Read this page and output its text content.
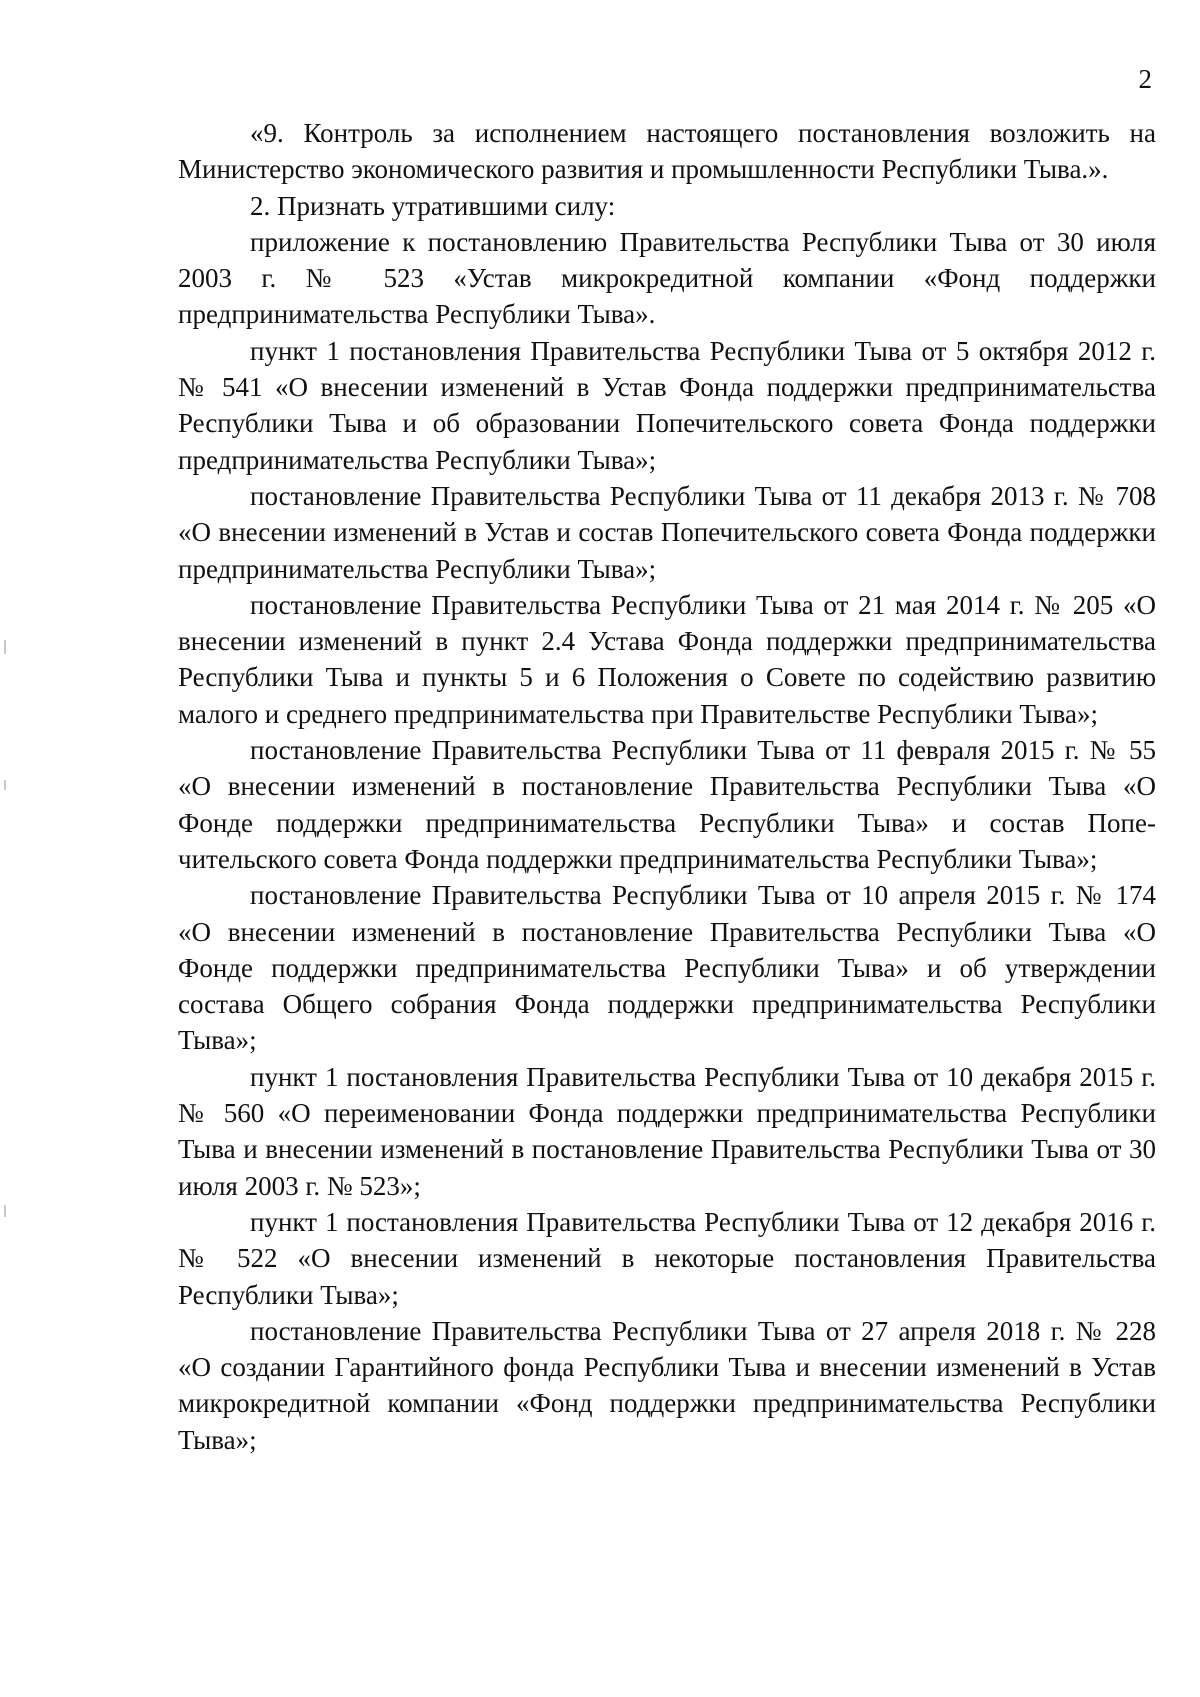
2

«9. Контроль за исполнением настоящего постановления возложить на Министерство экономического развития и промышленности Республики Тыва.».

2. Признать утратившими силу:

приложение к постановлению Правительства Республики Тыва от 30 июля 2003 г. № 523 «Устав микрокредитной компании «Фонд поддержки предпринимательства Республики Тыва».

пункт 1 постановления Правительства Республики Тыва от 5 октября 2012 г. № 541 «О внесении изменений в Устав Фонда поддержки предпринимательства Республики Тыва и об образовании Попечительского совета Фонда поддержки предпринимательства Республики Тыва»;

постановление Правительства Республики Тыва от 11 декабря 2013 г. № 708 «О внесении изменений в Устав и состав Попечительского совета Фонда поддержки предпринимательства Республики Тыва»;

постановление Правительства Республики Тыва от 21 мая 2014 г. № 205 «О внесении изменений в пункт 2.4 Устава Фонда поддержки предпринимательства Республики Тыва и пункты 5 и 6 Положения о Совете по содействию развитию малого и среднего предпринимательства при Правительстве Республики Тыва»;

постановление Правительства Республики Тыва от 11 февраля 2015 г. № 55 «О внесении изменений в постановление Правительства Республики Тыва «О Фонде поддержки предпринимательства Республики Тыва» и состав Попечительского совета Фонда поддержки предпринимательства Республики Тыва»;

постановление Правительства Республики Тыва от 10 апреля 2015 г. № 174 «О внесении изменений в постановление Правительства Республики Тыва «О Фонде поддержки предпринимательства Республики Тыва» и об утверждении состава Общего собрания Фонда поддержки предпринимательства Республики Тыва»;

пункт 1 постановления Правительства Республики Тыва от 10 декабря 2015 г. № 560 «О переименовании Фонда поддержки предпринимательства Республики Тыва и внесении изменений в постановление Правительства Республики Тыва от 30 июля 2003 г. № 523»;

пункт 1 постановления Правительства Республики Тыва от 12 декабря 2016 г. № 522 «О внесении изменений в некоторые постановления Правительства Республики Тыва»;

постановление Правительства Республики Тыва от 27 апреля 2018 г. № 228 «О создании Гарантийного фонда Республики Тыва и внесении изменений в Устав микрокредитной компании «Фонд поддержки предпринимательства Республики Тыва»;
